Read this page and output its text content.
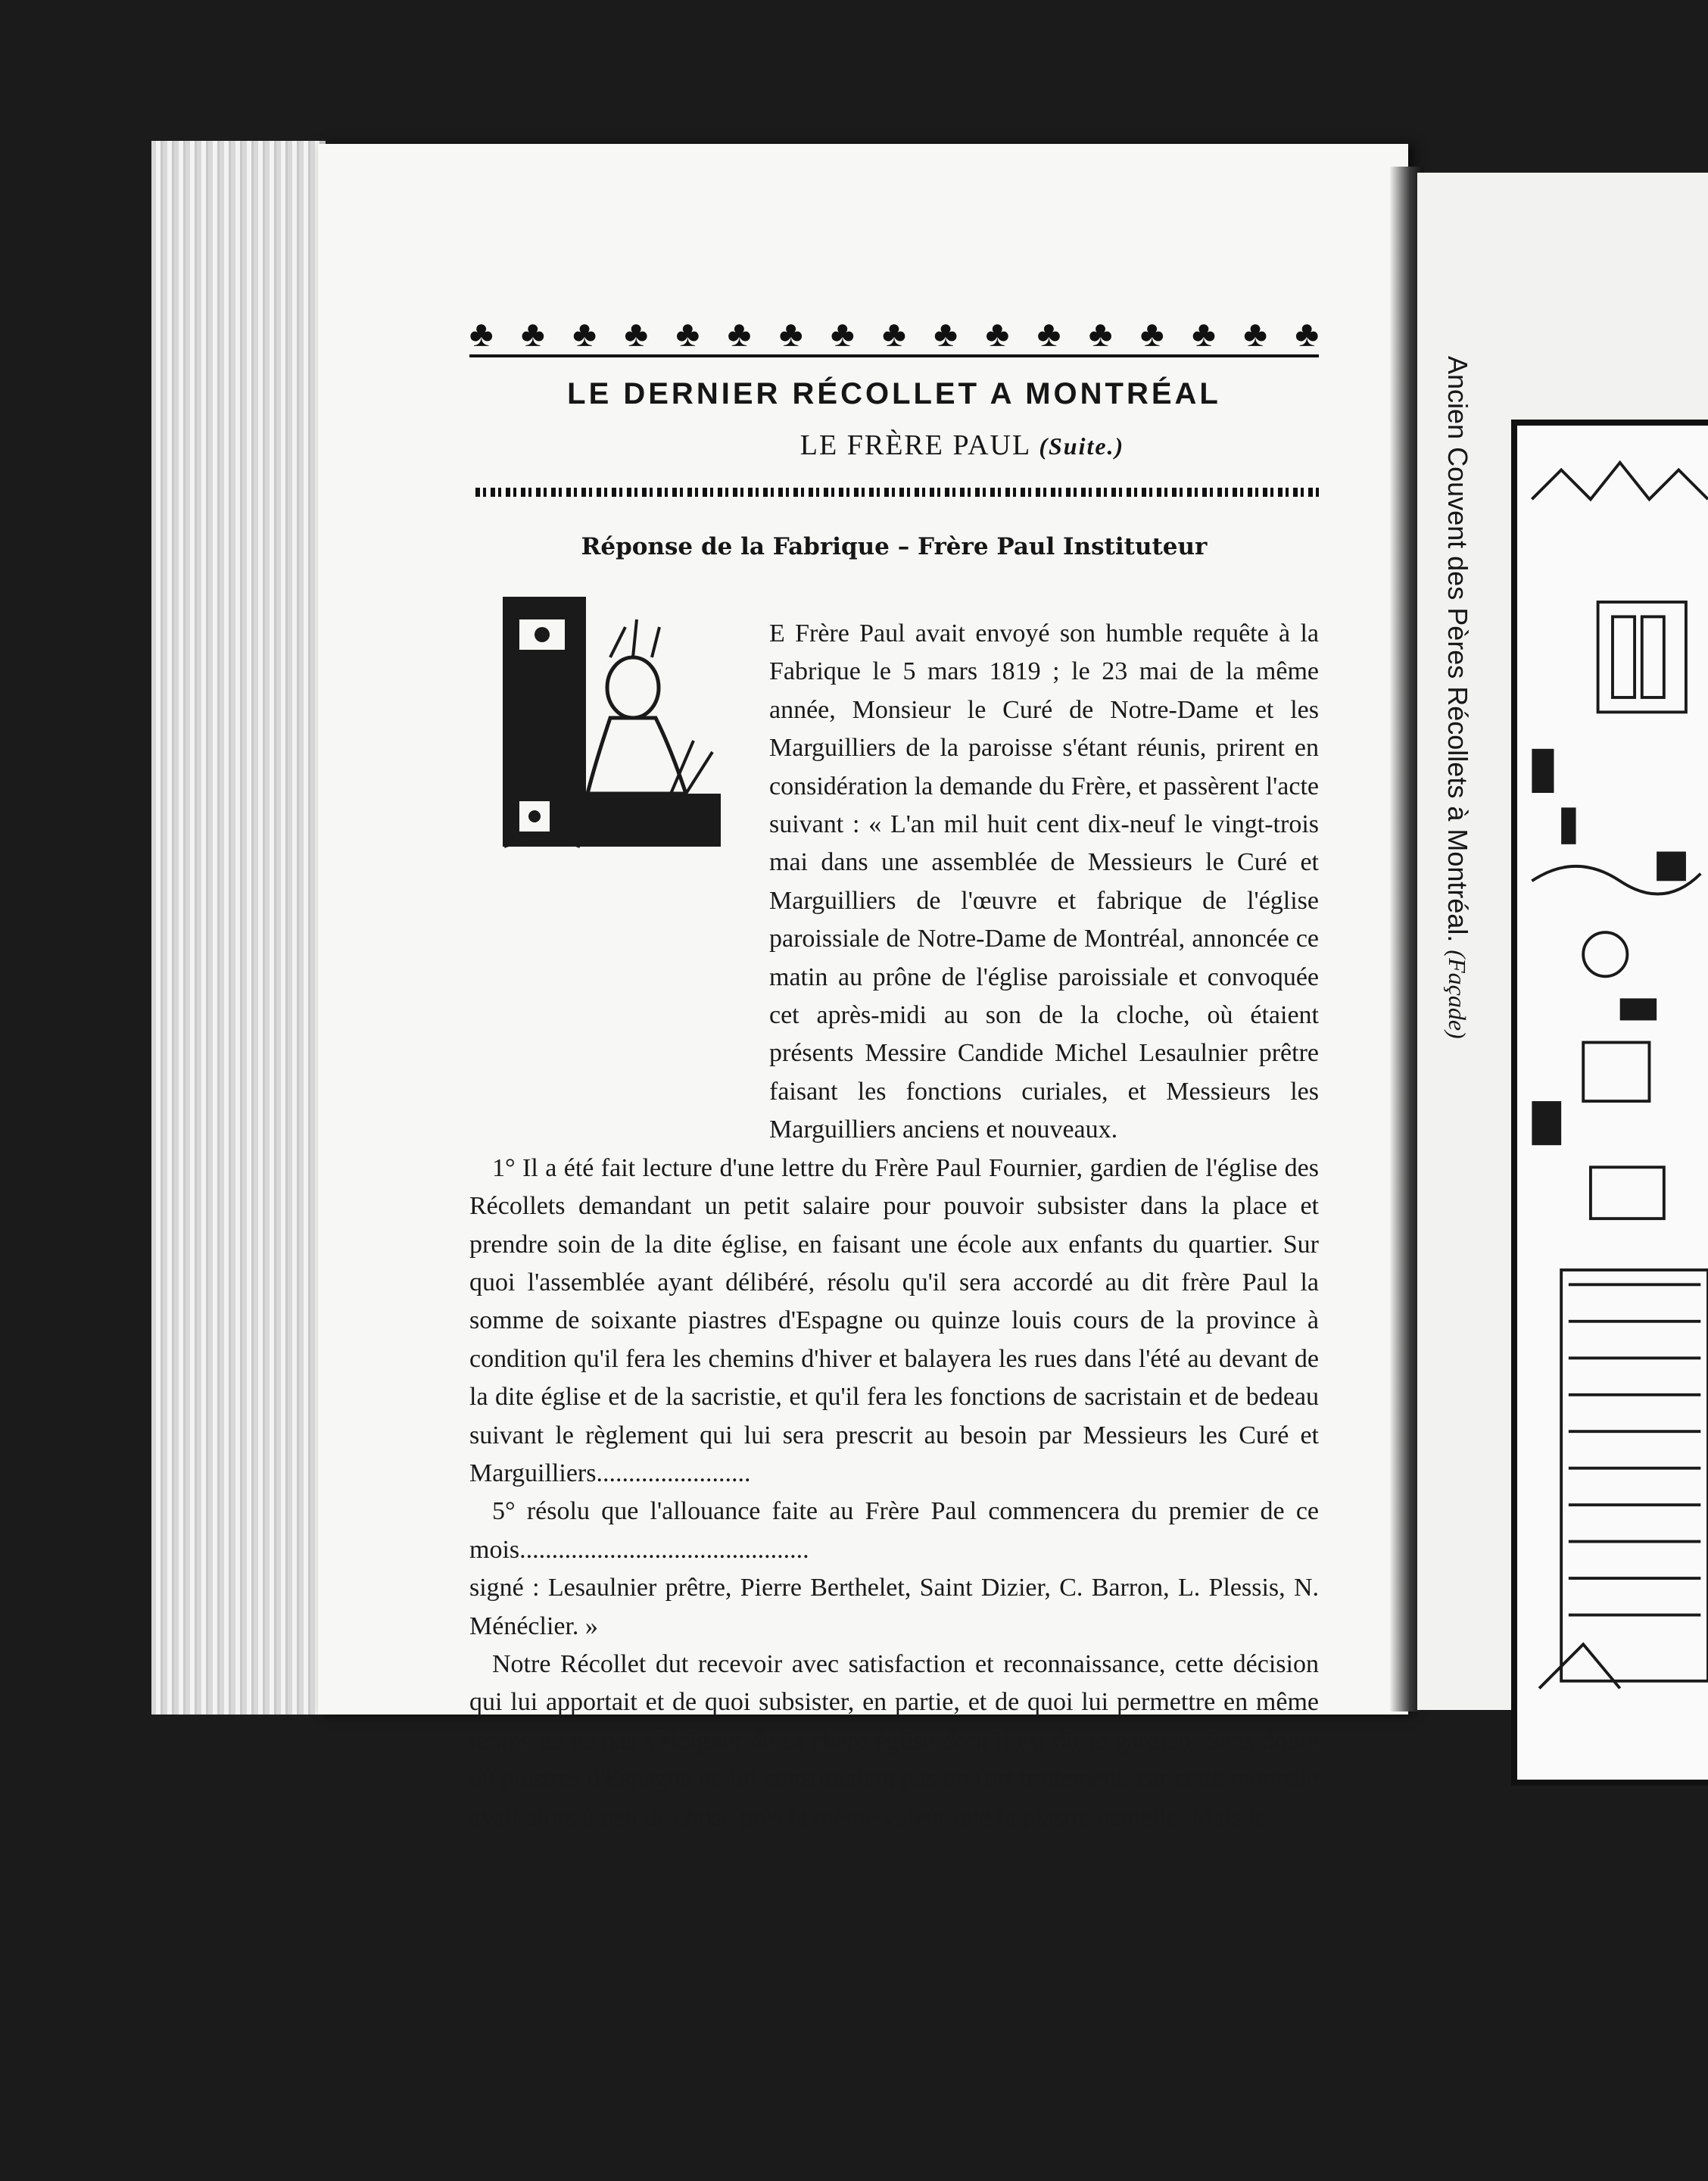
♣ ♣ ♣ ♣ ♣ ♣ ♣ ♣ ♣ ♣ ♣ ♣ ♣ ♣ ♣ ♣ ♣
LE DERNIER RÉCOLLET A MONTRÉAL
LE FRÈRE PAUL (Suite.)
Réponse de la Fabrique – Frère Paul Instituteur

E Frère Paul avait envoyé son humble requête à la Fabrique le 5 mars 1819 ; le 23 mai de la même année, Monsieur le Curé de Notre-Dame et les Marguilliers de la paroisse s'étant réunis, prirent en considération la demande du Frère, et passèrent l'acte suivant : « L'an mil huit cent dix-neuf le vingt-trois mai dans une assemblée de Messieurs le Curé et Marguilliers de l'œuvre et fabrique de l'église paroissiale de Notre-Dame de Montréal, annoncée ce matin au prône de l'église paroissiale et convoquée cet après-midi au son de la cloche, où étaient présents Messire Candide Michel Lesaulnier prêtre faisant les fonctions curiales, et Messieurs les Marguilliers anciens et nouveaux.

1° Il a été fait lecture d'une lettre du Frère Paul Fournier, gardien de l'église des Récollets demandant un petit salaire pour pouvoir subsister dans la place et prendre soin de la dite église, en faisant une école aux enfants du quartier. Sur quoi l'assemblée ayant délibéré, résolu qu'il sera accordé au dit frère Paul la somme de soixante piastres d'Espagne ou quinze louis cours de la province à condition qu'il fera les chemins d'hiver et balayera les rues dans l'été au devant de la dite église et de la sacristie, et qu'il fera les fonctions de sacristain et de bedeau suivant le règlement qui lui sera prescrit au besoin par Messieurs les Curé et Marguilliers........................

5° résolu que l'allouance faite au Frère Paul commencera du premier de ce mois.............................................

signé : Lesaulnier prêtre, Pierre Berthelet, Saint Dizier, C. Barron, L. Plessis, N. Ménéclier. »

Notre Récollet dut recevoir avec satisfaction et reconnaissance, cette décision qui lui apportait et de quoi subsister, en partie, et de quoi lui permettre en même temps de ne pas s'éloigner de sa chère église dont il est dit le gardien. Sans doute 60 piastres d'Espagne ne lui constituaient pas un fort traitement, car cette monnaie avait alors à peu de chose près la même valeur que la piastre actuelle. Mais le

Ancien Couvent des Pères Récollets à Montréal. (Façade)
